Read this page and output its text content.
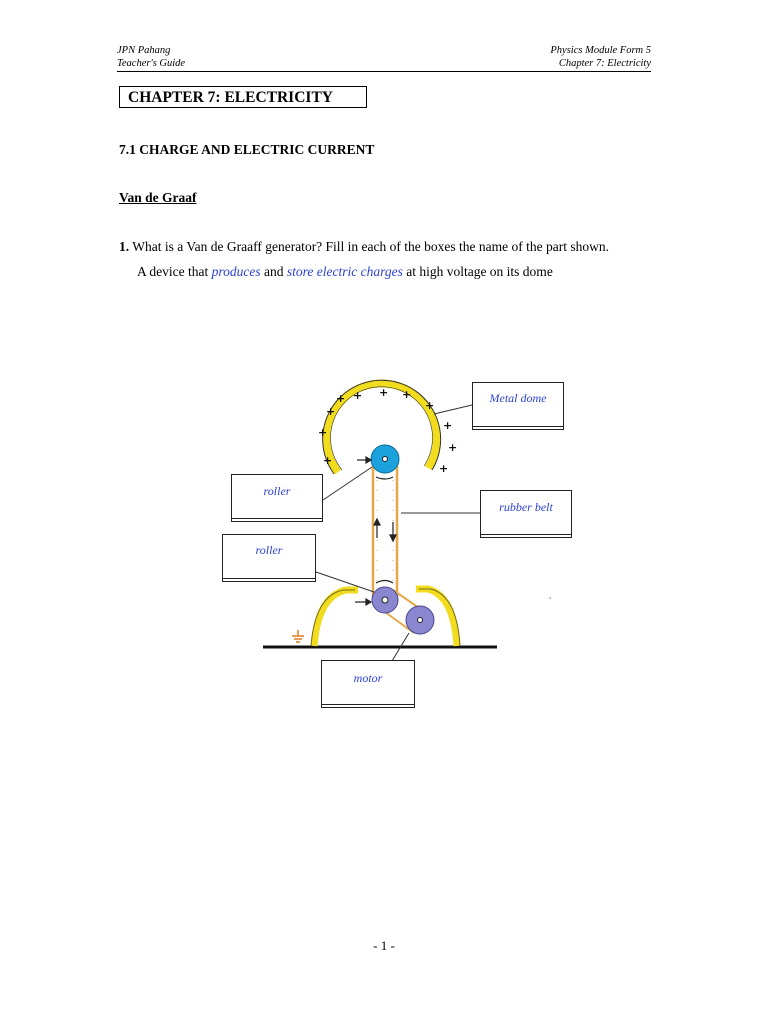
JPN Pahang
Teacher's Guide
Physics Module Form 5
Chapter 7: Electricity
CHAPTER 7: ELECTRICITY
7.1 CHARGE AND ELECTRIC CURRENT
Van de Graaf
1. What is a Van de Graaff generator? Fill in each of the boxes the name of the part shown.
A device that produces and store electric charges at high voltage on its dome
+
+
+
+ + + +
+
+
+
+
'
Metal dome
roller
rubber belt
roller
motor
- 1 -
